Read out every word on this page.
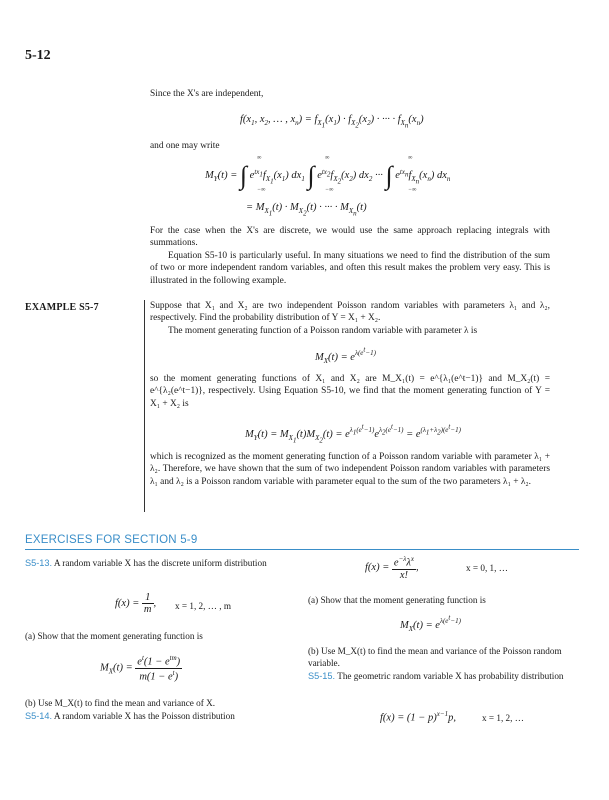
5-12

Since the X's are independent,

$f(x_1$, $x_2$, … , $x_n) = f_{X_1}(x_1) \cdot f_{X_2}(x_2)$ · ··· · $f_{X_n}(x_n)$

and one may write

$M_Y(t)$ = ∫ $e^{tx_1}f_{X_1}(x_1)$ $dx_1$ ∫ $e^{tx_2}f_{X_2}(x_2)$ $dx_2$ ··· ∫ $e^{tx_n}f_{X_n}(x_n)$ $dx_n$
∞
−∞
∞
−∞
∞
−∞
= $M_{X_1}(t) \cdot M_{X_2}(t)$ · ··· · $M_{X_n}(t)$

For the case when the X's are discrete, we would use the same approach replacing integrals with summations.

Equation S5-10 is particularly useful. In many situations we need to find the distribution of the sum of two or more independent random variables, and often this result makes the problem very easy. This is illustrated in the following example.

EXAMPLE S5-7	Suppose that X₁ and X₂ are two independent Poisson random variables with parameters λ₁ and λ₂, respectively. Find the probability distribution of Y = X₁ + X₂.

The moment generating function of a Poisson random variable with parameter λ is

$M_X(t) = e^{\lambda(e^t-1)}$

so the moment generating functions of X₁ and X₂ are M_X₁(t) = e^{λ₁(e^t−1)} and M_X₂(t) = e^{λ₂(e^t−1)}, respectively. Using Equation S5-10, we find that the moment generating function of Y = X₁ + X₂ is

$M_Y(t) = M_{X_1}(t)M_{X_2}(t) = e^{\lambda_1(e^t-1)}e^{\lambda_2(e^t-1)} = e^{(\lambda_1+\lambda_2)(e^t-1)}$

which is recognized as the moment generating function of a Poisson random variable with parameter λ₁ + λ₂. Therefore, we have shown that the sum of two independent Poisson random variables with parameters λ₁ and λ₂ is a Poisson random variable with parameter equal to the sum of the two parameters λ₁ + λ₂.

EXERCISES FOR SECTION 5-9
S5-13. A random variable X has the discrete uniform distribution
$f(x) = \frac{1}{m}$ , x = 1, 2, … , m
(a) Show that the moment generating function is
$M_X(t) = \frac{e^t(1 - e^{tm})}{m(1 - e^t)}$
(b) Use M_X(t) to find the mean and variance of X.
S5-14. A random variable X has the Poisson distribution
$f(x) = \frac{e^{-\lambda}\lambda^x}{x!}$ ,	x = 0, 1, …
(a) Show that the moment generating function is
$M_X(t) = e^{\lambda(e^t-1)}$
(b) Use M_X(t) to find the mean and variance of the Poisson random variable.
S5-15. The geometric random variable X has probability distribution
$f(x) = (1 - p)^{x-1}p$,	x = 1, 2, …
